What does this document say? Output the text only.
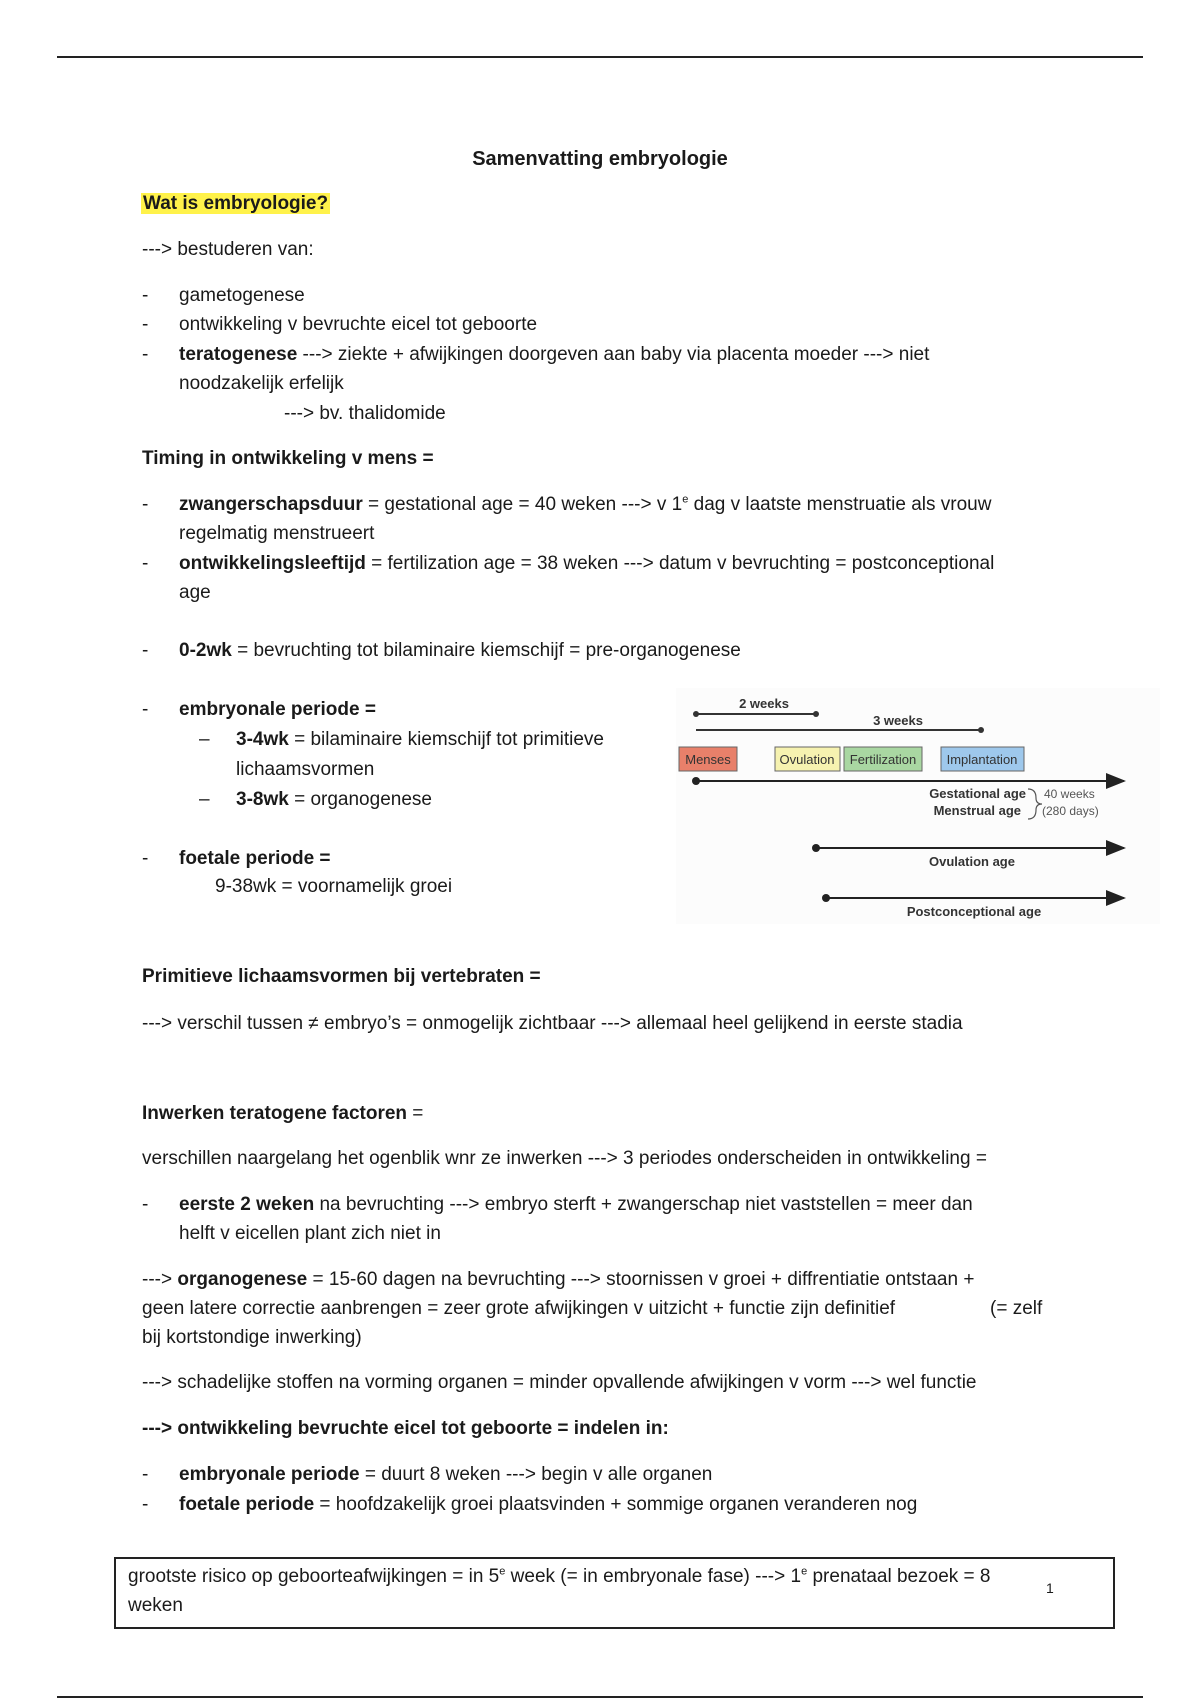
Samenvatting embryologie
Wat is embryologie?
---> bestuderen van:
- gametogenese
- ontwikkeling v bevruchte eicel tot geboorte
- teratogenese ---> ziekte + afwijkingen doorgeven aan baby via placenta moeder ---> niet
noodzakelijk erfelijk
---> bv. thalidomide
Timing in ontwikkeling v mens =
- zwangerschapsduur = gestational age = 40 weken ---> v 1e dag v laatste menstruatie als vrouw
regelmatig menstrueert
- ontwikkelingsleeftijd = fertilization age = 38 weken ---> datum v bevruchting = postconceptional
age
- 0-2wk = bevruchting tot bilaminaire kiemschijf = pre-organogenese
- embryonale periode =
– 3-4wk = bilaminaire kiemschijf tot primitieve
lichaamsvormen
– 3-8wk = organogenese
- foetale periode =
9-38wk = voornamelijk groei
2 weeks
3 weeks
Menses	Ovulation Fertilization Implantation
Gestational age
Menstrual age
40 weeks
(280 days)
Ovulation age
Postconceptional age
Primitieve lichaamsvormen bij vertebraten =
---> verschil tussen ≠ embryo’s = onmogelijk zichtbaar ---> allemaal heel gelijkend in eerste stadia
Inwerken teratogene factoren =
verschillen naargelang het ogenblik wnr ze inwerken ---> 3 periodes onderscheiden in ontwikkeling =
- eerste 2 weken na bevruchting ---> embryo sterft + zwangerschap niet vaststellen = meer dan
helft v eicellen plant zich niet in
---> organogenese = 15-60 dagen na bevruchting ---> stoornissen v groei + diffrentiatie ontstaan +
geen latere correctie aanbrengen = zeer grote afwijkingen v uitzicht + functie zijn definitief	(= zelf
bij kortstondige inwerking)
---> schadelijke stoffen na vorming organen = minder opvallende afwijkingen v vorm ---> wel functie
---> ontwikkeling bevruchte eicel tot geboorte = indelen in:
- embryonale periode = duurt 8 weken ---> begin v alle organen
- foetale periode = hoofdzakelijk groei plaatsvinden + sommige organen veranderen nog
grootste risico op geboorteafwijkingen = in 5e week (= in embryonale fase) ---> $1^e$ prenataal bezoek = 8
1
weken
